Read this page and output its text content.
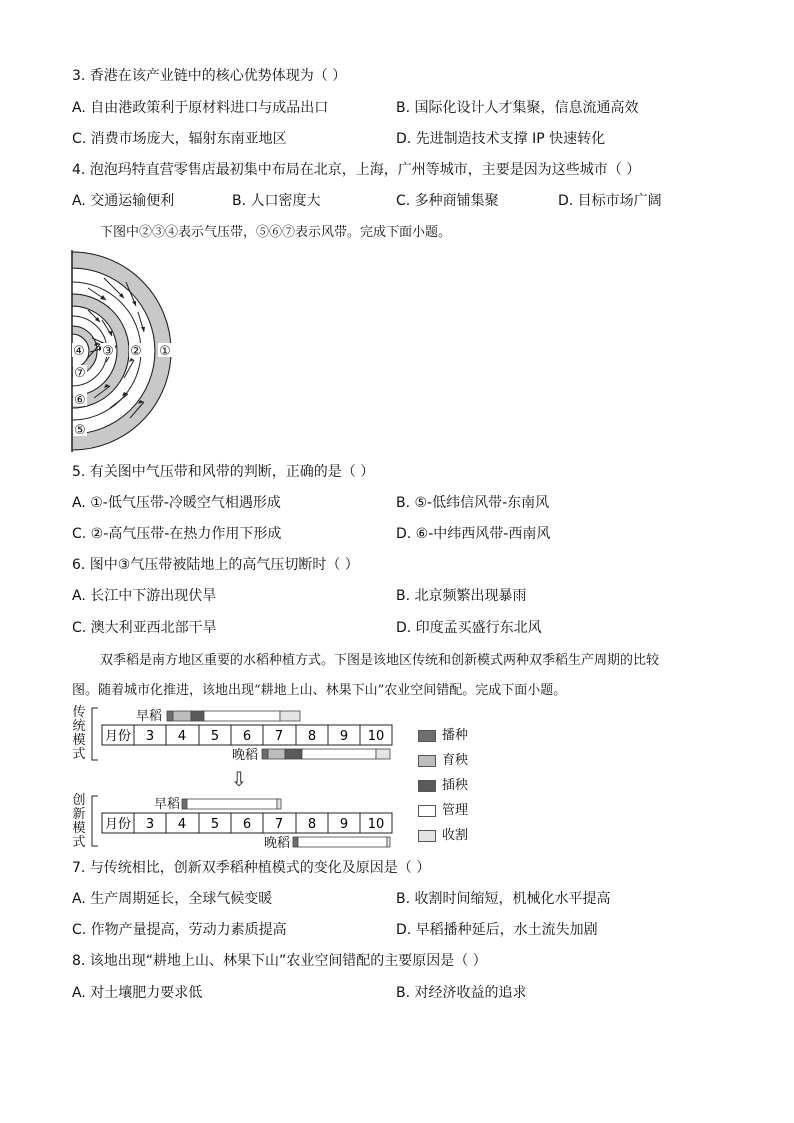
3. 香港在该产业链中的核心优势体现为（ ）
A. 自由港政策利于原材料进口与成品出口	B. 国际化设计人才集聚，信息流通高效
C. 消费市场庞大，辐射东南亚地区	D. 先进制造技术支撑 IP 快速转化
4. 泡泡玛特直营零售店最初集中布局在北京，上海，广州等城市，主要是因为这些城市（ ）
A. 交通运输便利	B. 人口密度大	C. 多种商铺集聚	D. 目标市场广阔
下图中②③④表示气压带，⑤⑥⑦表示风带。完成下面小题。
①
②
③
④
⑤
⑥
⑦
5. 有关图中气压带和风带的判断，正确的是（ ）
A. ①-低气压带-冷暖空气相遇形成	B. ⑤-低纬信风带-东南风
C. ②-高气压带-在热力作用下形成	D. ⑥-中纬西风带-西南风
6. 图中③气压带被陆地上的高气压切断时（ ）
A. 长江中下游出现伏旱	B. 北京频繁出现暴雨
C. 澳大利亚西北部干旱	D. 印度孟买盛行东北风
双季稻是南方地区重要的水稻种植方式。下图是该地区传统和创新模式两种双季稻生产周期的比较
图。随着城市化推进，该地出现“耕地上山、林果下山”农业空间错配。完成下面小题。
传
统
模
式
创
新
模
式
早稻
月份 3 4 5 6 7 8 9 10
晚稻
⇩
早稻
月份 3 4 5 6 7 8 9 10
晚稻
播种
育秧
插秧
管理
收割
7. 与传统相比，创新双季稻种植模式的变化及原因是（ ）
A. 生产周期延长，全球气候变暖	B. 收割时间缩短，机械化水平提高
C. 作物产量提高，劳动力素质提高	D. 早稻播种延后，水土流失加剧
8. 该地出现“耕地上山、林果下山”农业空间错配的主要原因是（ ）
A. 对土壤肥力要求低	B. 对经济收益的追求
